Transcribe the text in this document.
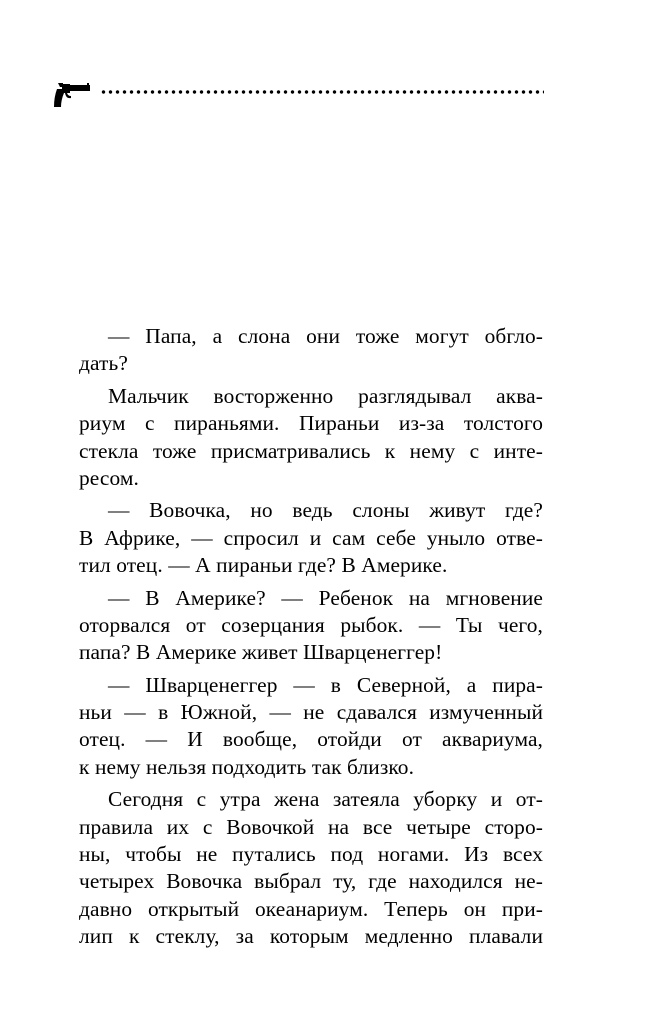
— Папа, а слона они тоже могут обгло-
дать?
Мальчик восторженно разглядывал аква-
риум с пираньями. Пираньи из-за толстого
стекла тоже присматривались к нему с инте-
ресом.
— Вовочка, но ведь слоны живут где?
В Африке, — спросил и сам себе уныло отве-
тил отец. — А пираньи где? В Америке.
— В Америке? — Ребенок на мгновение
оторвался от созерцания рыбок. — Ты чего,
папа? В Америке живет Шварценеггер!
— Шварценеггер — в Северной, а пира-
ньи — в Южной, — не сдавался измученный
отец. — И вообще, отойди от аквариума,
к нему нельзя подходить так близко.
Сегодня с утра жена затеяла уборку и от-
правила их с Вовочкой на все четыре сторо-
ны, чтобы не путались под ногами. Из всех
четырех Вовочка выбрал ту, где находился не-
давно открытый океанариум. Теперь он при-
лип к стеклу, за которым медленно плавали
